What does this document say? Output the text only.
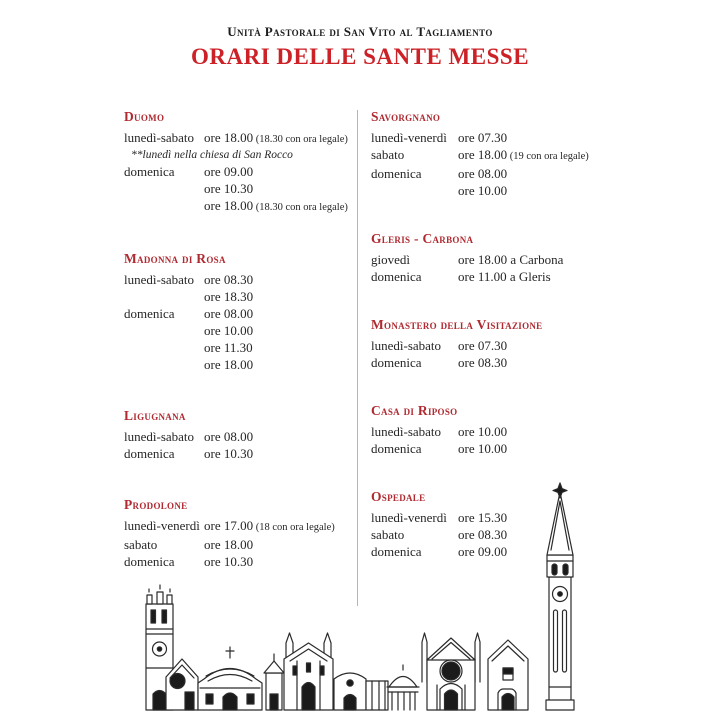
Unità Pastorale di San Vito al Tagliamento
ORARI DELLE SANTE MESSE
Duomo
lunedì-sabato ore 18.00 (18.30 con ora legale)
**lunedì nella chiesa di San Rocco
domenica	ore 09.00
ore 10.30
ore 18.00 (18.30 con ora legale)
Madonna di Rosa
lunedì-sabato ore 08.30
ore 18.30
domenica	ore 08.00
ore 10.00
ore 11.30
ore 18.00
Ligugnana
lunedì-sabato ore 08.00
domenica	ore 10.30
Prodolone
lunedì-venerdì ore 17.00 (18 con ora legale)
sabato	ore 18.00
domenica	ore 10.30
Savorgnano
lunedì-venerdì ore 07.30
sabato	ore 18.00 (19 con ora legale)
domenica	ore 08.00
ore 10.00
Gleris - Carbona
giovedì	ore 18.00 a Carbona
domenica	ore 11.00 a Gleris
Monastero della Visitazione
lunedì-sabato	ore 07.30
domenica	ore 08.30
Casa di Riposo
lunedì-sabato	ore 10.00
domenica	ore 10.00
Ospedale
lunedì-venerdì ore 15.30
sabato	ore 08.30
domenica	ore 09.00
